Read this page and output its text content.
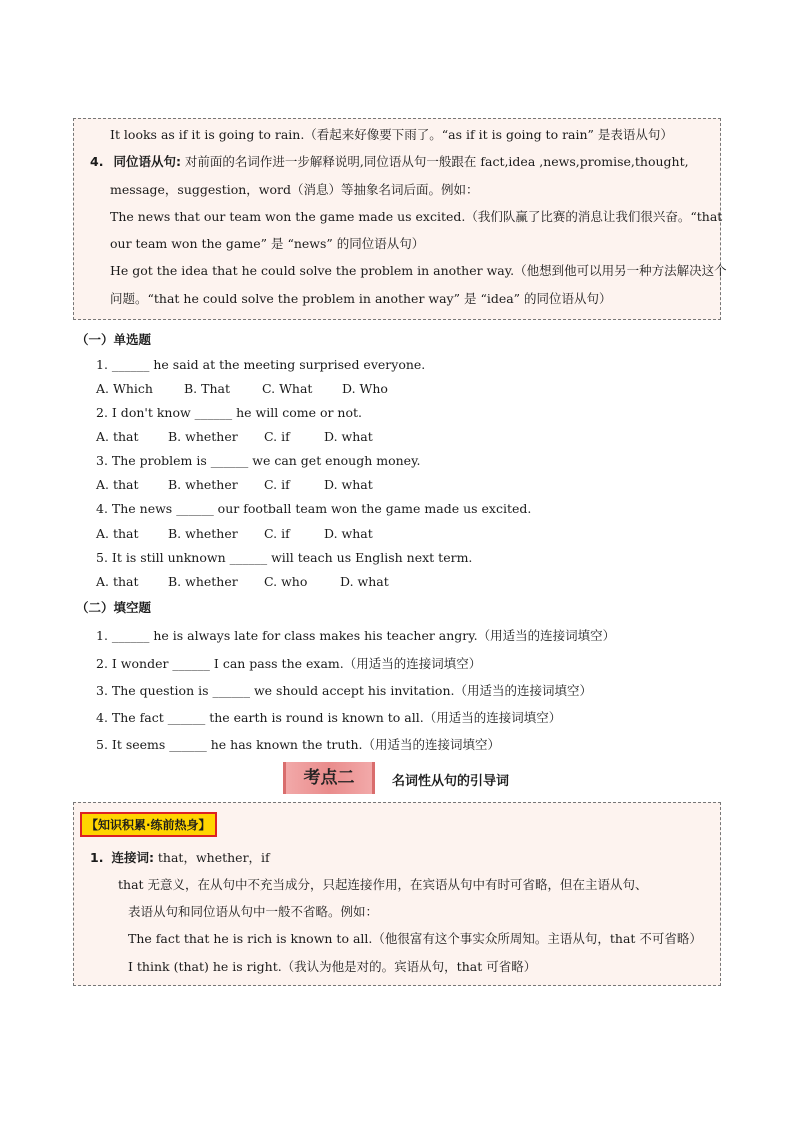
It looks as if it is going to rain.（看起来好像要下雨了。“as if it is going to rain” 是表语从句）
4. 同位语从句: 对前面的名词作进一步解释说明,同位语从句一般跟在 fact,idea ,news,promise,thought,
message，suggestion，word（消息）等抽象名词后面。例如：
The news that our team won the game made us excited.（我们队赢了比赛的消息让我们很兴奋。“that
our team won the game” 是 “news” 的同位语从句）
He got the idea that he could solve the problem in another way.（他想到他可以用另一种方法解决这个
问题。“that he could solve the problem in another way” 是 “idea” 的同位语从句）
（一）单选题
1. ______ he said at the meeting surprised everyone.
A. Which B. That	C. What D. Who
2. I don't know ______ he will come or not.
A. that B. whether C. if	D. what
3. The problem is ______ we can get enough money.
A. that B. whether C. if	D. what
4. The news ______ our football team won the game made us excited.
A. that B. whether C. if	D. what
5. It is still unknown ______ will teach us English next term.
A. that B. whether C. who	D. what
（二）填空题
1. ______ he is always late for class makes his teacher angry.（用适当的连接词填空）
2. I wonder ______ I can pass the exam.（用适当的连接词填空）
3. The question is ______ we should accept his invitation.（用适当的连接词填空）
4. The fact ______ the earth is round is known to all.（用适当的连接词填空）
5. It seems ______ he has known the truth.（用适当的连接词填空）
考点二	名词性从句的引导词
【知识积累·练前热身】
1. 连接词: that，whether，if
that 无意义，在从句中不充当成分，只起连接作用，在宾语从句中有时可省略，但在主语从句、
表语从句和同位语从句中一般不省略。例如：
The fact that he is rich is known to all.（他很富有这个事实众所周知。主语从句，that 不可省略）
I think (that) he is right.（我认为他是对的。宾语从句，that 可省略）
